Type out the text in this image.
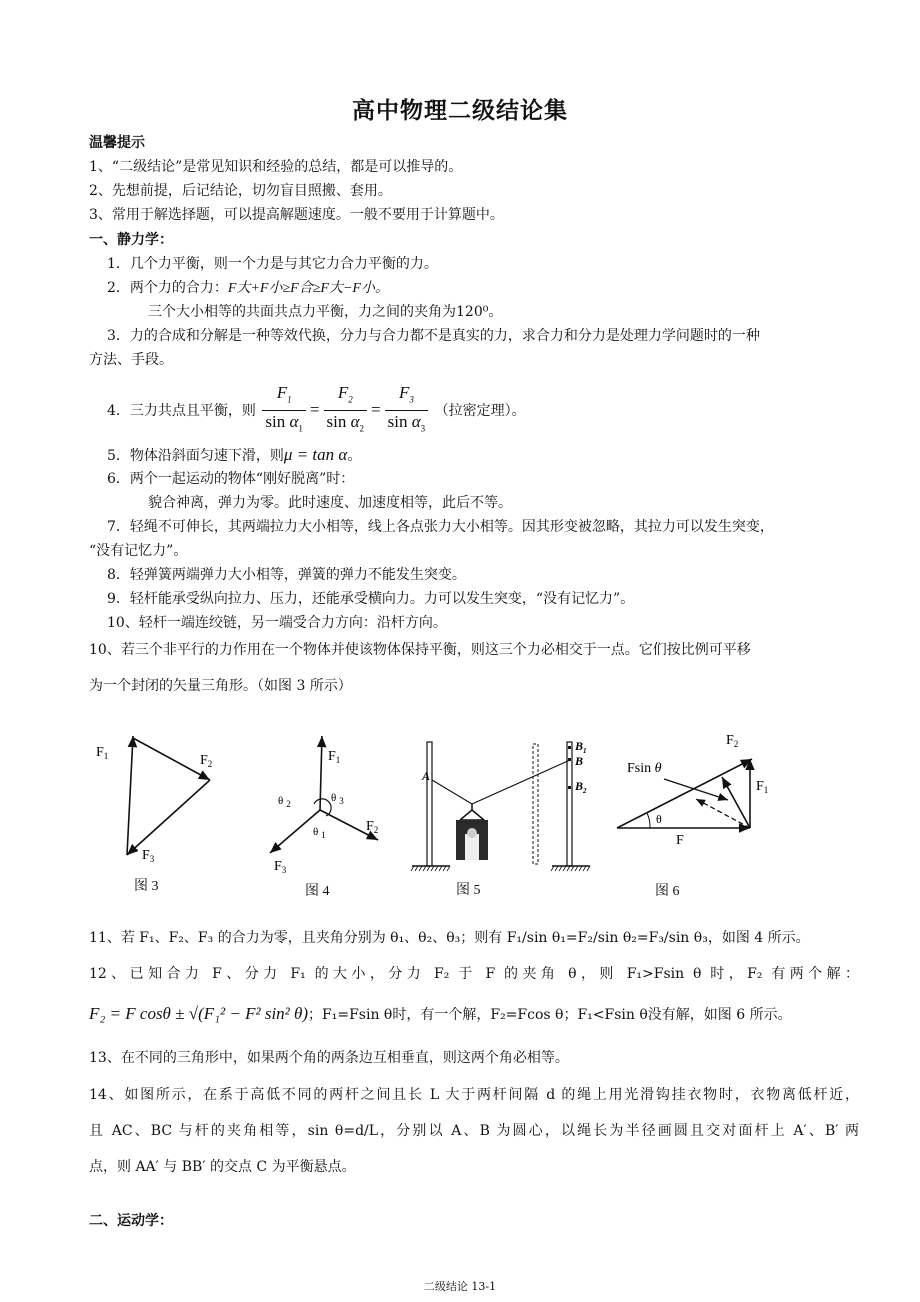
高中物理二级结论集
温馨提示
1、“二级结论”是常见知识和经验的总结，都是可以推导的。
2、先想前提，后记结论，切勿盲目照搬、套用。
3、常用于解选择题，可以提高解题速度。一般不要用于计算题中。
一、静力学：
1．几个力平衡，则一个力是与其它力合力平衡的力。
2．两个力的合力：F大+F小≥F合≥F大−F小。
三个大小相等的共面共点力平衡，力之间的夹角为120⁰。
3．力的合成和分解是一种等效代换，分力与合力都不是真实的力，求合力和分力是处理力学问题时的一种
方法、手段。
4．三力共点且平衡，则 $\frac{F_1}{\sin \alpha_1} = \frac{F_2}{\sin \alpha_2} = \frac{F_3}{\sin \alpha_3}$ （拉密定理）。
5．物体沿斜面匀速下滑，则μ = tan α。
6．两个一起运动的物体“刚好脱离”时：
貌合神离，弹力为零。此时速度、加速度相等，此后不等。
7．轻绳不可伸长，其两端拉力大小相等，线上各点张力大小相等。因其形变被忽略，其拉力可以发生突变，
“没有记忆力”。
8．轻弹簧两端弹力大小相等，弹簧的弹力不能发生突变。
9．轻杆能承受纵向拉力、压力，还能承受横向力。力可以发生突变，“没有记忆力”。
10、轻杆一端连绞链，另一端受合力方向：沿杆方向。
10、若三个非平行的力作用在一个物体并使该物体保持平衡，则这三个力必相交于一点。它们按比例可平移
为一个封闭的矢量三角形。（如图 3 所示）
$F_1$	$F_2$
$F_3$
图 3
$F_1$
$F_2$
$F_3$
θ $_2$	θ $_3$
θ $_1$
图 4
A
$B_1$
B
$B_2$
图 5
$F_2$
Fsin θ
$F_1$
θ
F
图 6
11、若 F₁、F₂、F₃ 的合力为零，且夹角分别为 θ₁、θ₂、θ₃；则有 F₁/sin θ₁=F₂/sin θ₂=F₃/sin θ₃，如图 4 所示。
12、已知合力 F、分力 F₁ 的大小，分力 F₂ 于 F 的夹角 θ，则 F₁>Fsin θ 时，F₂ 有两个解：
F₂ = F cosθ ± √(F₁² − F² sin² θ)；F₁=Fsin θ时，有一个解，F₂=Fcos θ；F₁<Fsin θ没有解，如图 6 所示。
13、在不同的三角形中，如果两个角的两条边互相垂直，则这两个角必相等。
14、如图所示，在系于高低不同的两杆之间且长 L 大于两杆间隔 d 的绳上用光滑钩挂衣物时，衣物离低杆近，
且 AC、BC 与杆的夹角相等，sin θ=d/L，分别以 A、B 为圆心，以绳长为半径画圆且交对面杆上 A′、B′ 两
点，则 AA′ 与 BB′ 的交点 C 为平衡悬点。
二、运动学：
二级结论 13-1
